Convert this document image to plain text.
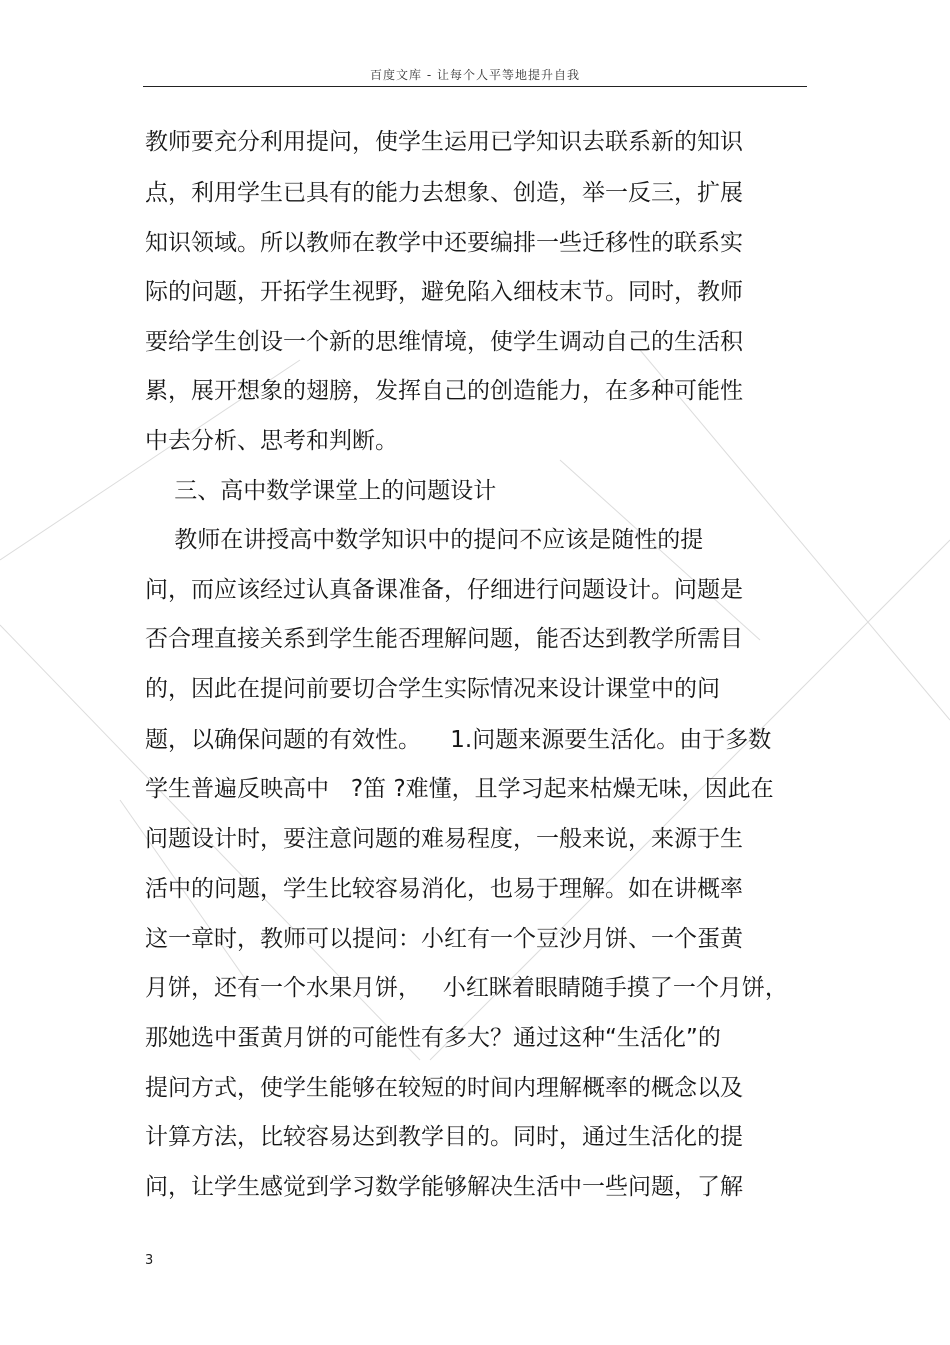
百度文库 - 让每个人平等地提升自我
教师要充分利用提问，使学生运用已学知识去联系新的知识
点，利用学生已具有的能力去想象、创造，举一反三，扩展
知识领域。所以教师在教学中还要编排一些迁移性的联系实
际的问题，开拓学生视野，避免陷入细枝末节。同时，教师
要给学生创设一个新的思维情境，使学生调动自己的生活积
累，展开想象的翅膀，发挥自己的创造能力，在多种可能性
中去分析、思考和判断。
三、高中数学课堂上的问题设计
教师在讲授高中数学知识中的提问不应该是随性的提
问，而应该经过认真备课准备，仔细进行问题设计。问题是
否合理直接关系到学生能否理解问题，能否达到教学所需目
的，因此在提问前要切合学生实际情况来设计课堂中的问
题，以确保问题的有效性。    1.问题来源要生活化。由于多数
学生普遍反映高中   ?笛 ?难懂，且学习起来枯燥无味，因此在
问题设计时，要注意问题的难易程度，一般来说，来源于生
活中的问题，学生比较容易消化，也易于理解。如在讲概率
这一章时，教师可以提问：小红有一个豆沙月饼、一个蛋黄
月饼，还有一个水果月饼，   小红眯着眼睛随手摸了一个月饼，
那她选中蛋黄月饼的可能性有多大？通过这种“生活化”的
提问方式，使学生能够在较短的时间内理解概率的概念以及
计算方法，比较容易达到教学目的。同时，通过生活化的提
问，让学生感觉到学习数学能够解决生活中一些问题，了解
3
